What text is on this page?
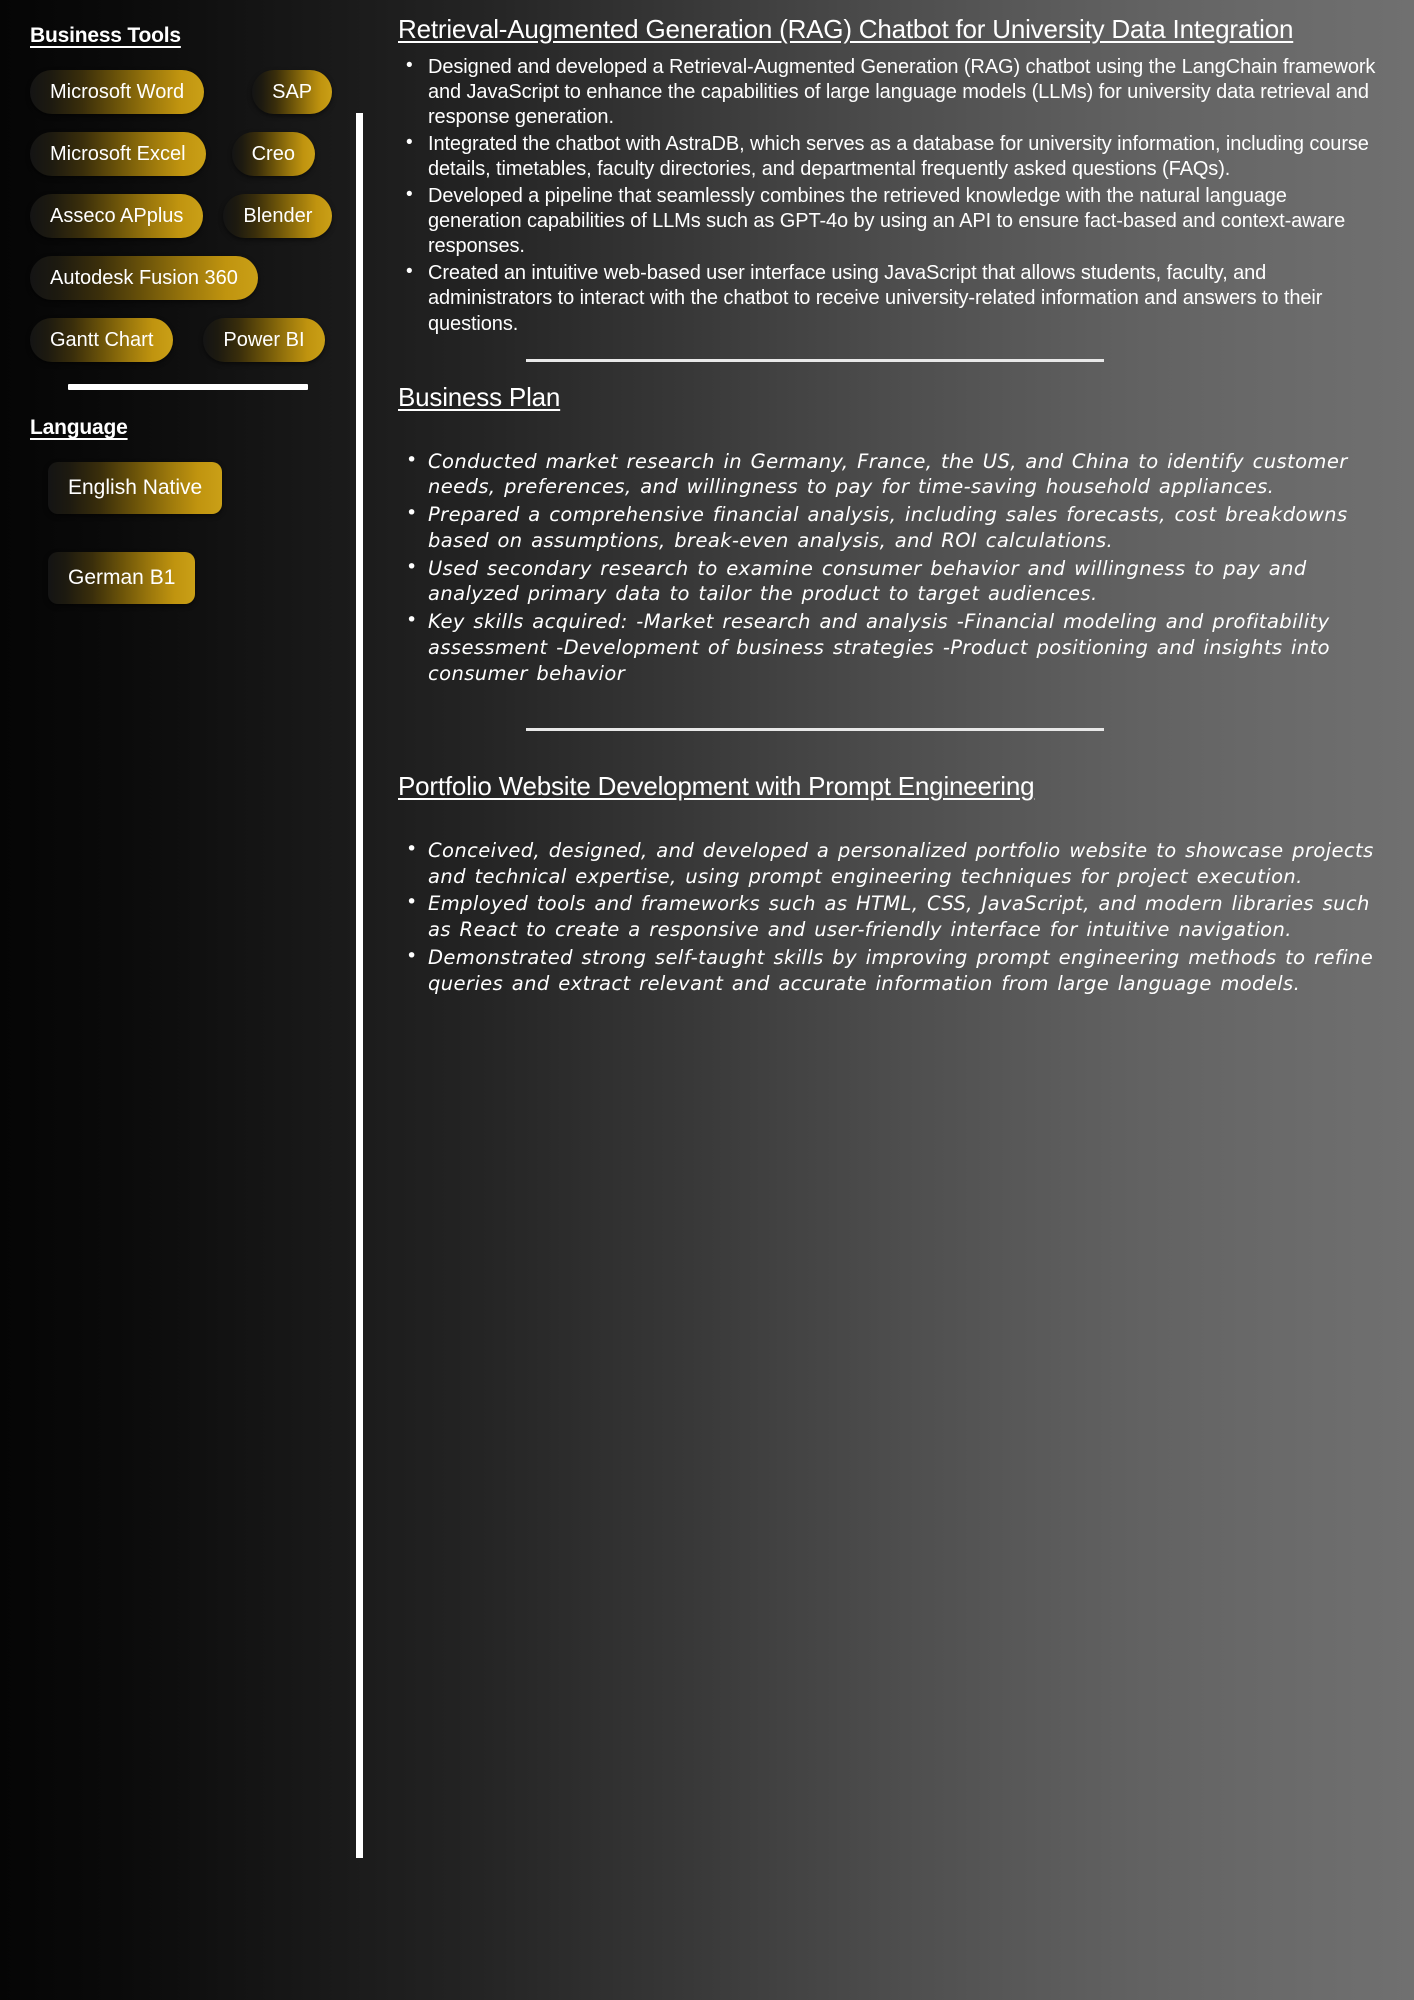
Business Tools
Microsoft Word	SAP
Microsoft Excel	Creo
Asseco APplus	Blender
Autodesk Fusion 360
Gantt Chart	Power BI
Language
English Native
German B1
Retrieval-Augmented Generation (RAG) Chatbot for University Data Integration
• Designed and developed a Retrieval-Augmented Generation (RAG) chatbot using the LangChain framework and JavaScript to enhance the capabilities of large language models (LLMs) for university data retrieval and response generation.
• Integrated the chatbot with AstraDB, which serves as a database for university information, including course details, timetables, faculty directories, and departmental frequently asked questions (FAQs).
• Developed a pipeline that seamlessly combines the retrieved knowledge with the natural language generation capabilities of LLMs such as GPT-4o by using an API to ensure fact-based and context-aware responses.
• Created an intuitive web-based user interface using JavaScript that allows students, faculty, and administrators to interact with the chatbot to receive university-related information and answers to their questions.
Business Plan
• Conducted market research in Germany, France, the US, and China to identify customer needs, preferences, and willingness to pay for time-saving household appliances.
• Prepared a comprehensive financial analysis, including sales forecasts, cost breakdowns based on assumptions, break-even analysis, and ROI calculations.
• Used secondary research to examine consumer behavior and willingness to pay and analyzed primary data to tailor the product to target audiences.
• Key skills acquired: -Market research and analysis -Financial modeling and profitability assessment -Development of business strategies -Product positioning and insights into consumer behavior
Portfolio Website Development with Prompt Engineering
• Conceived, designed, and developed a personalized portfolio website to showcase projects and technical expertise, using prompt engineering techniques for project execution.
• Employed tools and frameworks such as HTML, CSS, JavaScript, and modern libraries such as React to create a responsive and user-friendly interface for intuitive navigation.
• Demonstrated strong self-taught skills by improving prompt engineering methods to refine queries and extract relevant and accurate information from large language models.
